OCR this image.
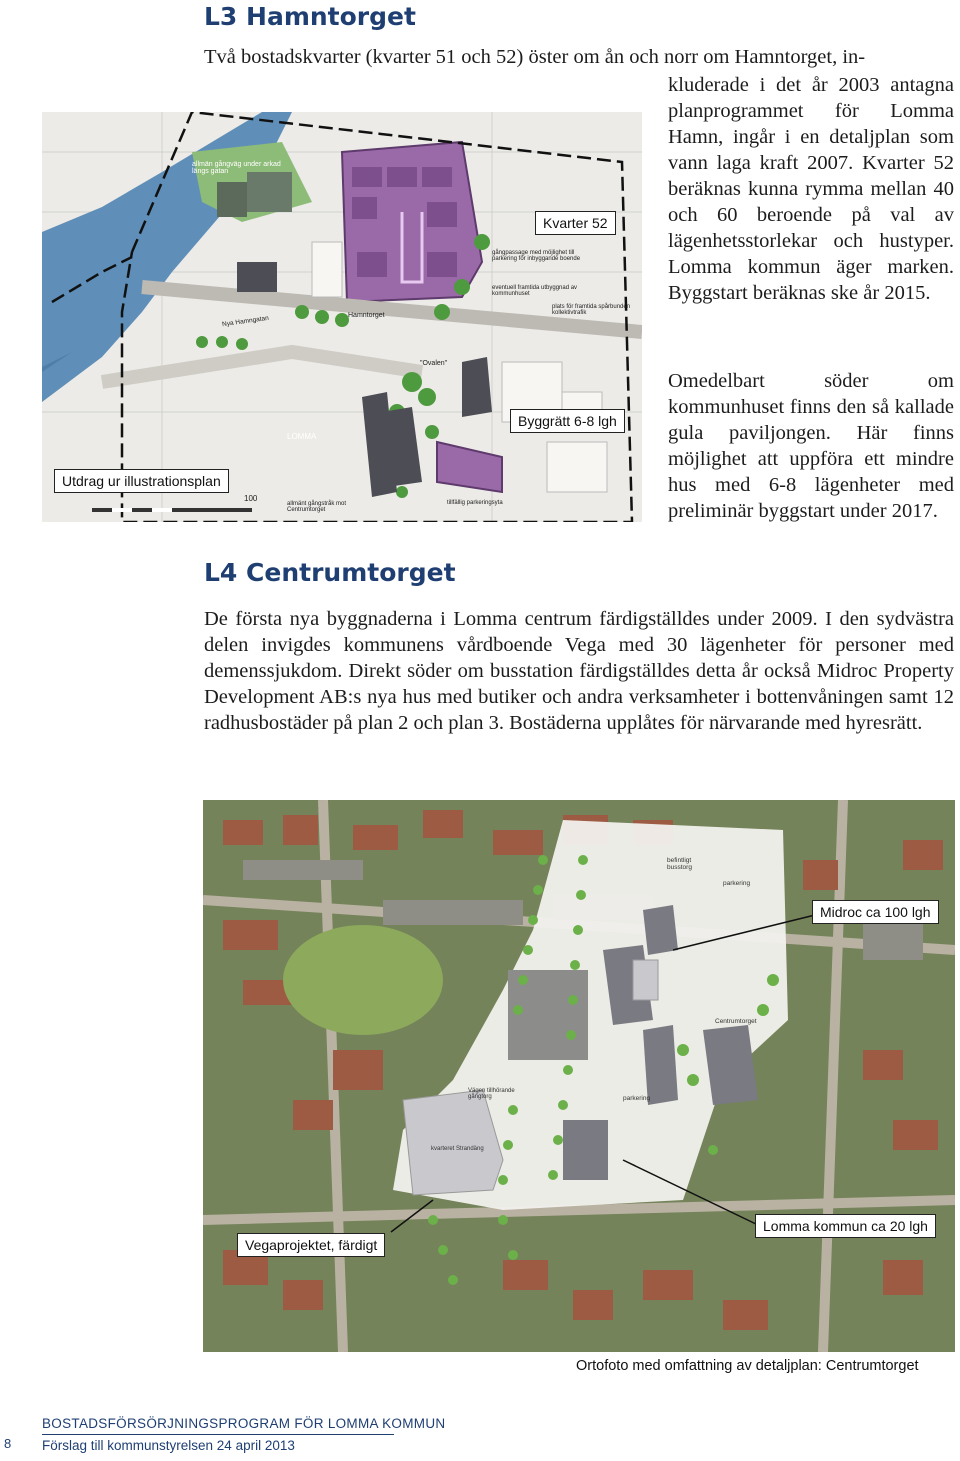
L3 Hamntorget

Två bostadskvarter (kvarter 51 och 52) öster om ån och norr om Hamntorget, in-

kluderade i det år 2003 antagna planprogrammet för Lomma Hamn, ingår i en detaljplan som vann laga kraft 2007. Kvarter 52 beräknas kunna rymma mellan 40 och 60 beroende på val av lägenhetsstorlekar och hustyper. Lomma kommun äger marken. Byggstart beräknas ske år 2015.

Omedelbart söder om kommunhuset finns den så kallade gula paviljongen. Här finns möjlighet att uppföra ett mindre hus med 6-8 lägenheter med preliminär byggstart under 2017.

Kvarter 52
Byggrätt 6-8 lgh
Utdrag ur illustrationsplan
allmän gångväg under arkad längs gatan
Hamntorget
Nya Hamngatan
"Ovalen"
LOMMA
100
allmänt gångstråk mot Centrumtorget
tillfällig parkeringsyta
eventuell framtida utbyggnad av kommunhuset
gångpassage med möjlighet till parkering för inbyggande boende
plats för framtida spårbunden kollektivtrafik
L4 Centrumtorget

De första nya byggnaderna i Lomma centrum färdigställdes under 2009. I den sydvästra delen invigdes kommunens vårdboende Vega med 30 lägenheter för personer med demenssjukdom. Direkt söder om busstation färdigställdes detta år också Midroc Property Development AB:s nya hus med butiker och andra verksamheter i bottenvåningen samt 12 radhusbostäder på plan 2 och plan 3. Bostäderna upplåtes för närvarande med hyresrätt.

Midroc ca 100 lgh
Lomma kommun ca 20 lgh
Vegaprojektet, färdigt
befintligt busstorg
parkering
Centrumtorget
parkering
Vägen tillhörande gångtorg
kvarteret Strandäng
Ortofoto med omfattning av detaljplan: Centrumtorget
8
BOSTADSFÖRSÖRJNINGSPROGRAM FÖR LOMMA KOMMUN
Förslag till kommunstyrelsen 24 april 2013
